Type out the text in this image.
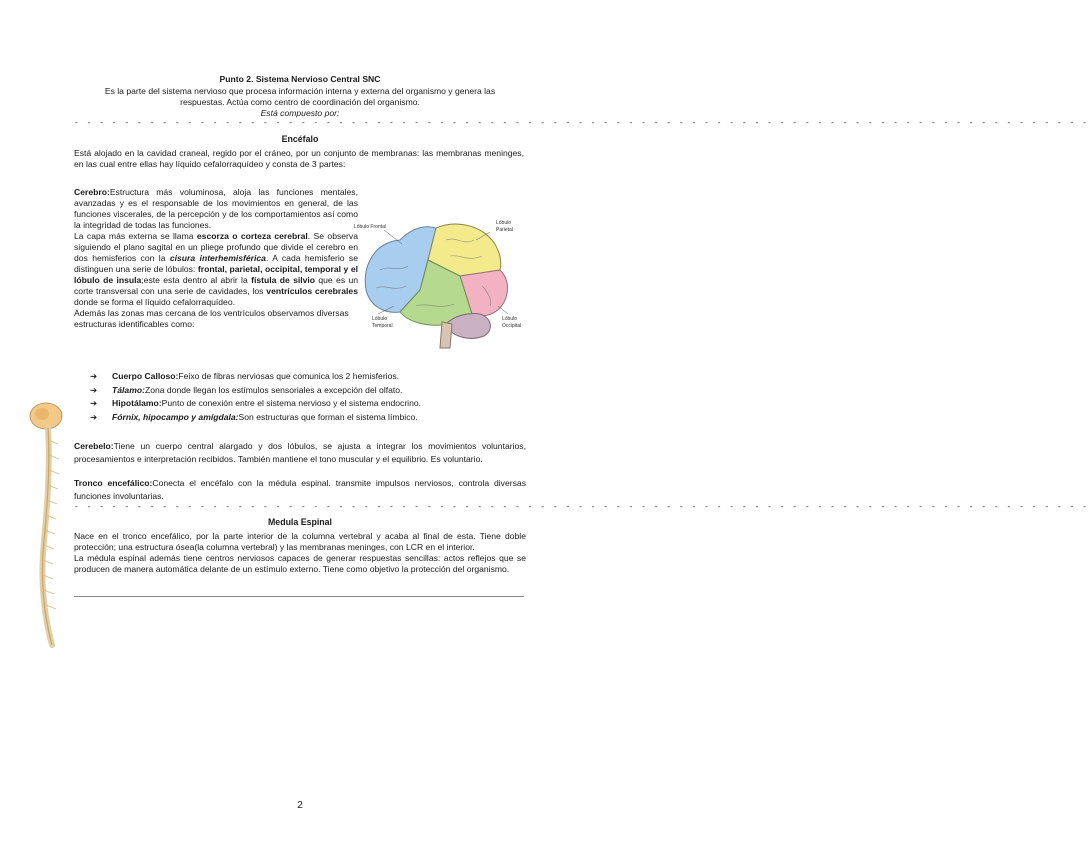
Punto 2. Sistema Nervioso Central SNC
Es la parte del sistema nervioso que procesa información interna y externa del organismo y genera las respuestas. Actúa como centro de coordinación del organismo.
Está compuesto por:
- - - - - - - - - - - - - - - - - - - - - - - - - - - - - - - - - - - - - - - - - - - - - - - - - - - - - - - - - - - - - - - - - - - - - - - - - - - - - - - - -
Encéfalo

Está alojado en la cavidad craneal, regido por el cráneo, por un conjunto de membranas: las membranas meninges, en las cual entre ellas hay líquido cefalorraquídeo y consta de 3 partes:

Cerebro:Estructura más voluminosa, aloja las funciones mentales, avanzadas y es el responsable de los movimientos en general, de las funciones viscerales, de la percepción y de los comportamientos así como la integridad de todas las funciones.

La capa más externa se llama escorza o corteza cerebral. Se observa siguiendo el plano sagital en un pliege profundo que divide el cerebro en dos hemisferios con la cisura interhemisférica. A cada hemisferio se distinguen una serie de lóbulos: frontal, parietal, occipital, temporal y el lóbulo de insula;este esta dentro al abrir la fístula de silvio que es un corte transversal con una serie de cavidades, los ventrículos cerebrales donde se forma el líquido cefalorraquídeo.

Además las zonas mas cercana de los ventrículos observamos diversas estructuras identificables como:

Lóbulo Frontal
Lóbulo
Parietal
Lóbulo
Temporal
Lóbulo
Occipital
➔ Cuerpo Calloso:Feixo de fibras nerviosas que comunica los 2 hemisferios.
➔ Tálamo:Zona donde llegan los estímulos sensoriales a excepción del olfato.
➔ Hipotálamo:Punto de conexión entre el sistema nervioso y el sistema endocrino.
➔ Fórnix, hipocampo y amígdala:Son estructuras que forman el sistema límbico.

Cerebelo:Tiene un cuerpo central alargado y dos lóbulos, se ajusta a integrar los movimientos voluntarios, procesamientos e interpretación recibidos. También mantiene el tono muscular y el equilibrio. Es voluntario.

Tronco encefálico:Conecta el encéfalo con la médula espinal. transmite impulsos nerviosos, controla diversas funciones involuntarias.

- - - - - - - - - - - - - - - - - - - - - - - - - - - - - - - - - - - - - - - - - - - - - - - - - - - - - - - - - - - - - - - - - - - - - - - - - - - - - - - - -
Medula Espinal

Nace en el tronco encefálico, por la parte interior de la columna vertebral y acaba al final de esta. Tiene doble protección; una estructura ósea(la columna vertebral) y las membranas meninges, con LCR en el interior.

La médula espinal además tiene centros nerviosos capaces de generar respuestas sencillas: actos reflejos que se producen de manera automática delante de un estímulo externo. Tiene como objetivo la protección del organismo.

2
